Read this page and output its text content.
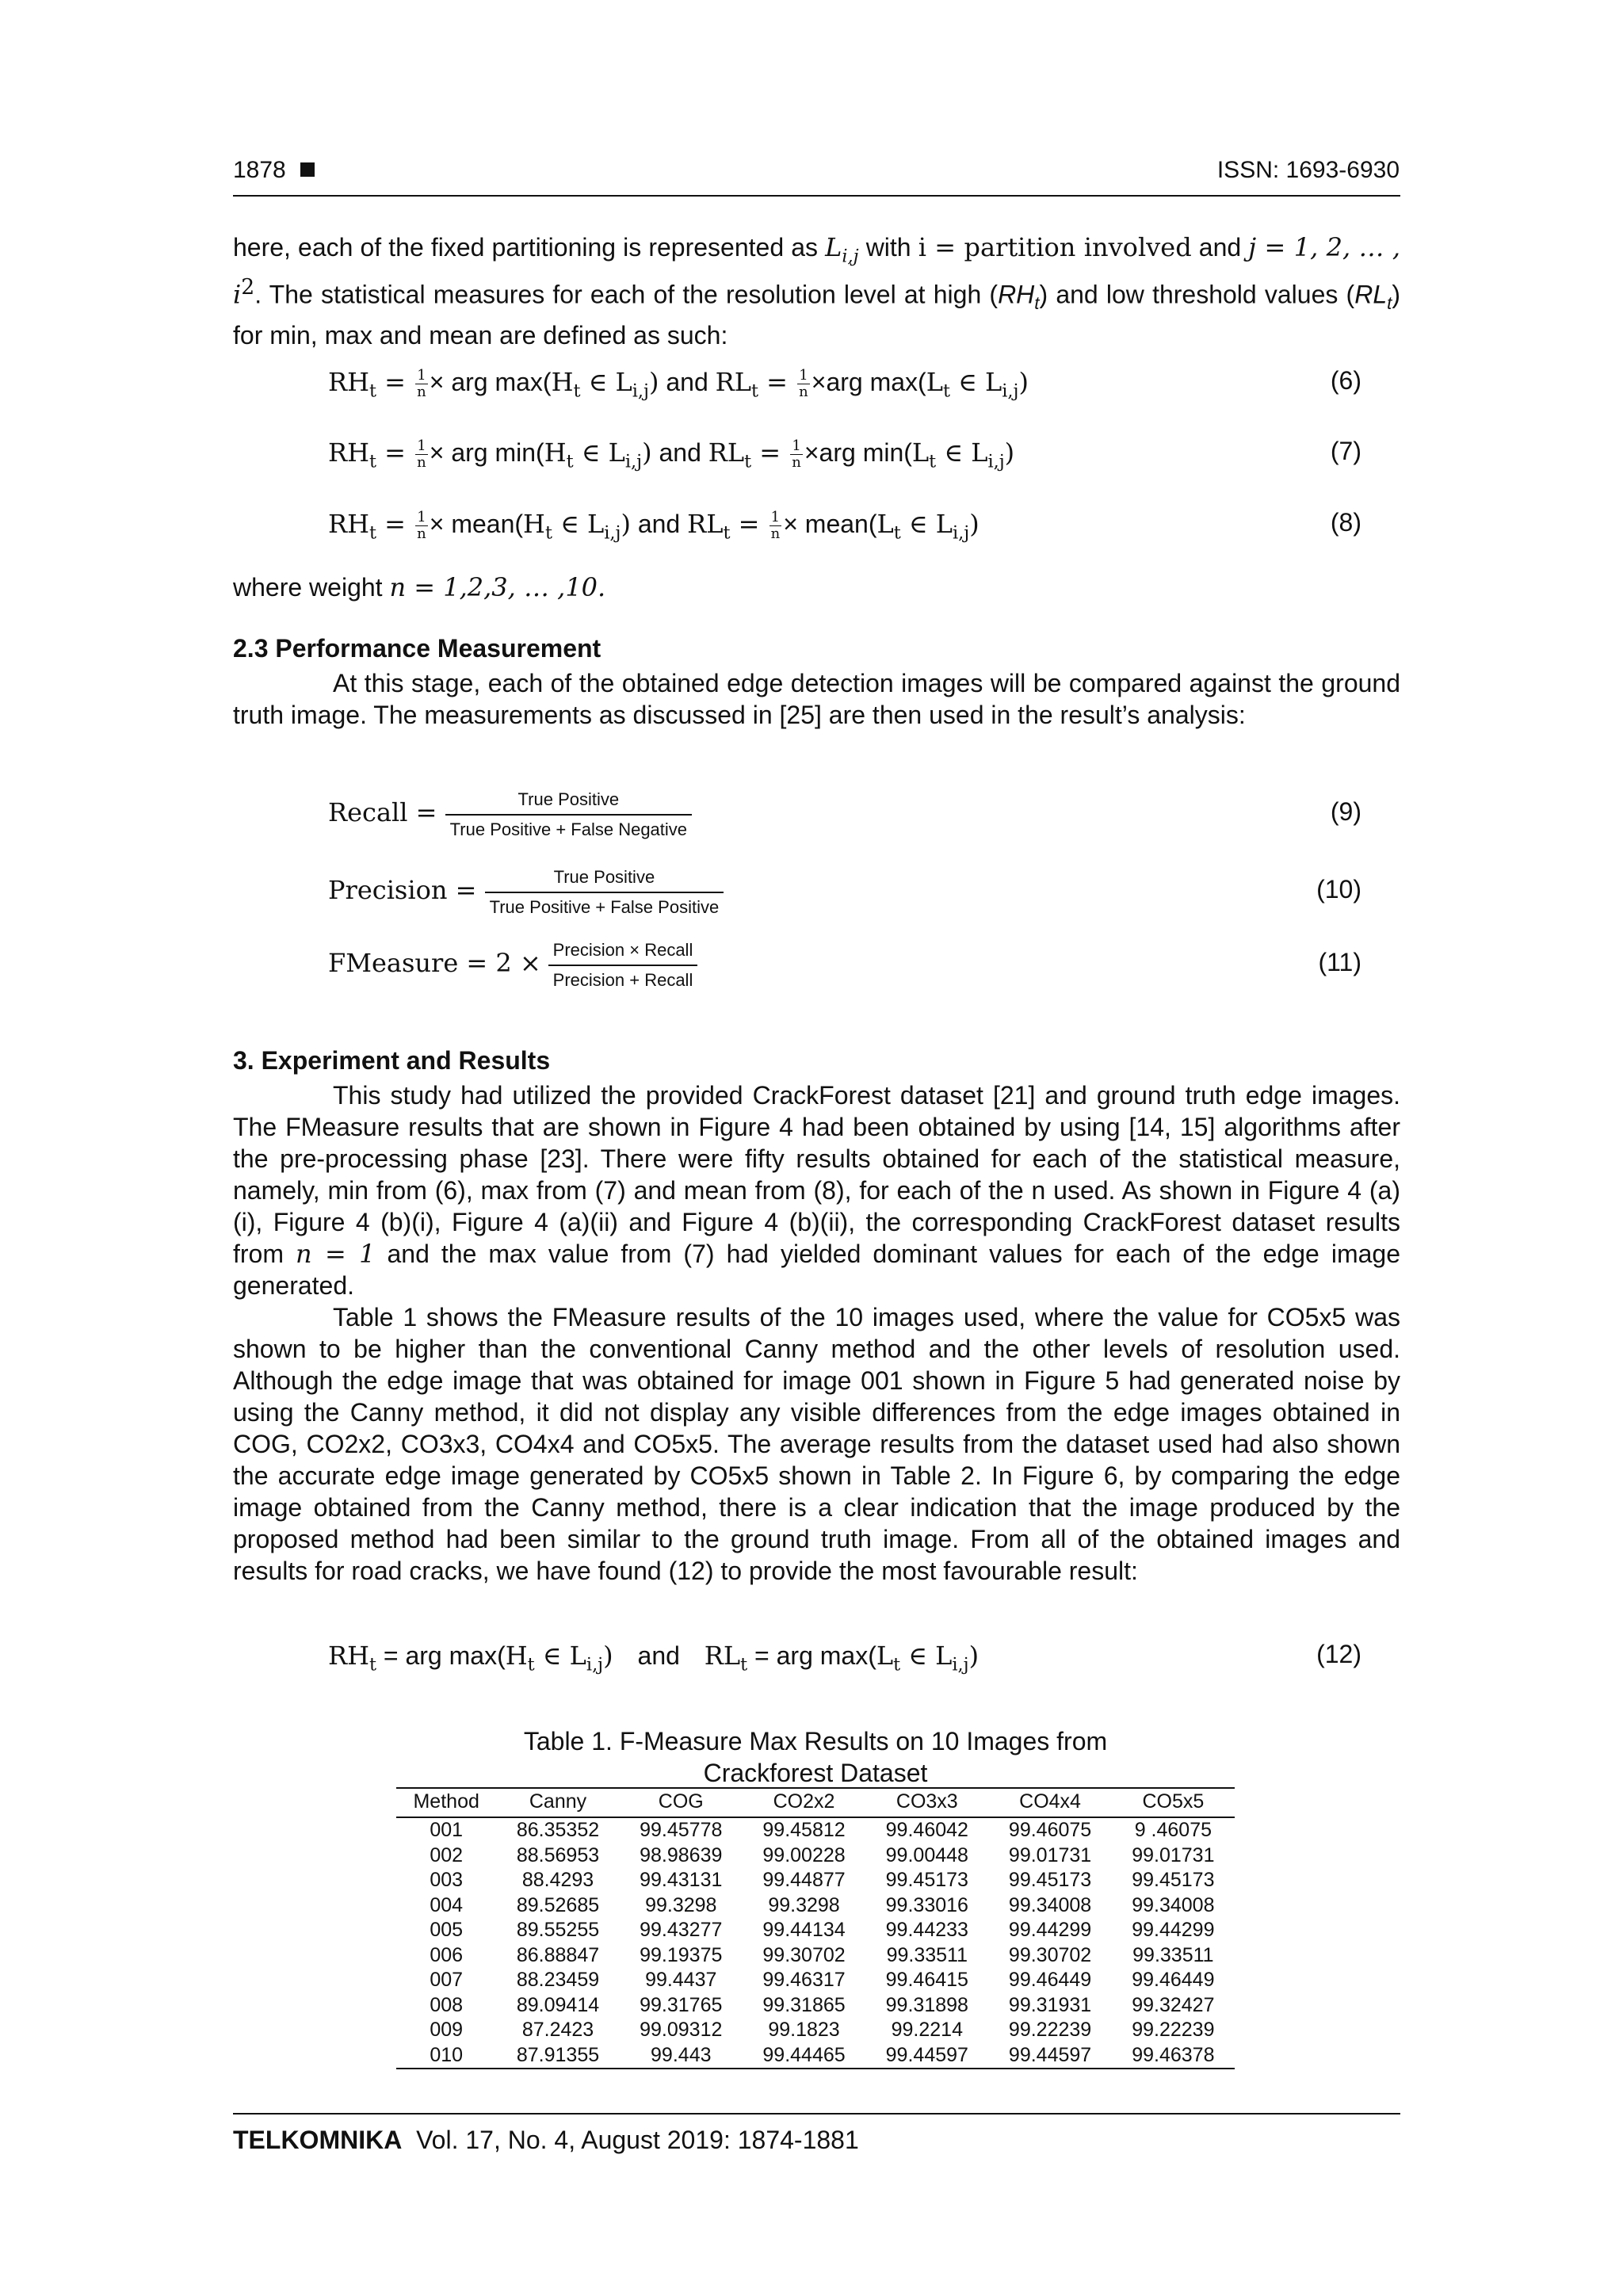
1878	ISSN: 1693-6930
here, each of the fixed partitioning is represented as $L_{i,j}$ with i = partition involved and j = 1, 2, … , $i^2$. The statistical measures for each of the resolution level at high $(RH_t)$ and low threshold values $(RL_t)$ for min, max and mean are defined as such:
$RH_t = \frac{1}{n}$ × arg $\max(H_t$ ∈ $L_{i,j}$) and $RL_t = \frac{1}{n} \times arg$ $\max(L_t$ ∈ $L_{i,j}$)	(6)
$RH_t = \frac{1}{n}$ × arg $\min(H_t$ ∈ $L_{i,j}$) and $RL_t = \frac{1}{n} \times arg$ $\min(L_t$ ∈ $L_{i,j}$)	(7)
$RH_t = \frac{1}{n}$ × $mean(H_t$ ∈ $L_{i,j}$) and $RL_t = \frac{1}{n}$ × $mean(L_t$ ∈ $L_{i,j}$)	(8)
where weight n = 1,2,3, … ,10.
2.3 Performance Measurement
At this stage, each of the obtained edge detection images will be compared against the ground truth image. The measurements as discussed in [25] are then used in the result’s analysis:
Recall = $\frac{\text{True Positive}}{\text{True Positive + False Negative}}$	(9)
Precision = $\frac{\text{True Positive}}{\text{True Positive + False Positive}}$	(10)
FMeasure = $2 \times \frac{\text{Precision × Recall}}{\text{Precision + Recall}}$	(11)
3. Experiment and Results
This study had utilized the provided CrackForest dataset [21] and ground truth edge images. The FMeasure results that are shown in Figure 4 had been obtained by using [14, 15] algorithms after the pre-processing phase [23]. There were fifty results obtained for each of the statistical measure, namely, min from (6), max from (7) and mean from (8), for each of the n used. As shown in Figure 4 (a)(i), Figure 4 (b)(i), Figure 4 (a)(ii) and Figure 4 (b)(ii), the corresponding CrackForest dataset results from n = 1 and the max value from (7) had yielded dominant values for each of the edge image generated.
Table 1 shows the FMeasure results of the 10 images used, where the value for CO5x5 was shown to be higher than the conventional Canny method and the other levels of resolution used. Although the edge image that was obtained for image 001 shown in Figure 5 had generated noise by using the Canny method, it did not display any visible differences from the edge images obtained in COG, CO2x2, CO3x3, CO4x4 and CO5x5. The average results from the dataset used had also shown the accurate edge image generated by CO5x5 shown in Table 2. In Figure 6, by comparing the edge image obtained from the Canny method, there is a clear indication that the image produced by the proposed method had been similar to the ground truth image. From all of the obtained images and results for road cracks, we have found (12) to provide the most favourable result:
$RH_t$ = arg $\max(H_t$ ∈ $L_{i,j}$) and $RL_t$ = arg $\max(L_t$ ∈ $L_{i,j}$)	(12)
Table 1. F-Measure Max Results on 10 Images from
Crackforest Dataset
Method	Canny	COG	CO2x2	CO3x3	CO4x4	CO5x5
001	86.35352	99.45778	99.45812	99.46042	99.46075	9 .46075
002	88.56953	98.98639	99.00228	99.00448	99.01731	99.01731
003	88.4293	99.43131	99.44877	99.45173	99.45173	99.45173
004	89.52685	99.3298	99.3298	99.33016	99.34008	99.34008
005	89.55255	99.43277	99.44134	99.44233	99.44299	99.44299
006	86.88847	99.19375	99.30702	99.33511	99.30702	99.33511
007	88.23459	99.4437	99.46317	99.46415	99.46449	99.46449
008	89.09414	99.31765	99.31865	99.31898	99.31931	99.32427
009	87.2423	99.09312	99.1823	99.2214	99.22239	99.22239
010	87.91355	99.443	99.44465	99.44597	99.44597	99.46378
TELKOMNIKA Vol. 17, No. 4, August 2019: 1874-1881
